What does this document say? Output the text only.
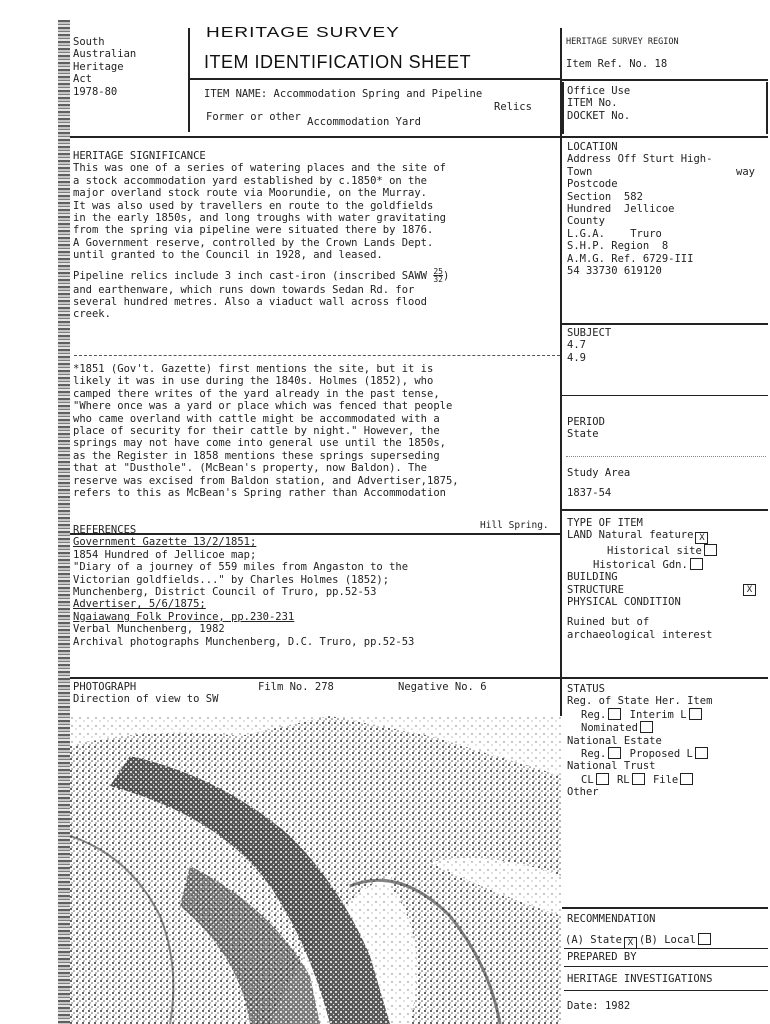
South
Australian
Heritage
Act
1978-80
HERITAGE SURVEY
ITEM IDENTIFICATION SHEET
ITEM NAME: Accommodation Spring and Pipeline
Relics
Former or other Accommodation Yard
HERITAGE SURVEY REGION
Item Ref. No. 18
Office Use
ITEM No.
DOCKET No.
HERITAGE SIGNIFICANCE
This was one of a series of watering places and the site of
a stock accommodation yard established by c.1850* on the
major overland stock route via Moorundie, on the Murray.
It was also used by travellers en route to the goldfields
in the early 1850s, and long troughs with water gravitating
from the spring via pipeline were situated there by 1876.
A Government reserve, controlled by the Crown Lands Dept.
until granted to the Council in 1928, and leased.
Pipeline relics include 3 inch cast-iron (inscribed SAWW $\frac{25}{32}$)
and earthenware, which runs down towards Sedan Rd. for
several hundred metres. Also a viaduct wall across flood
creek.
*1851 (Gov't. Gazette) first mentions the site, but it is
likely it was in use during the 1840s. Holmes (1852), who
camped there writes of the yard already in the past tense,
"Where once was a yard or place which was fenced that people
who came overland with cattle might be accommodated with a
place of security for their cattle by night." However, the
springs may not have come into general use until the 1850s,
as the Register in 1858 mentions these springs superseding
that at "Dusthole". (McBean's property, now Baldon). The
reserve was excised from Baldon station, and Advertiser,1875,
refers to this as McBean's Spring rather than Accommodation
Hill Spring.
REFERENCES
Government Gazette 13/2/1851;
1854 Hundred of Jellicoe map;
"Diary of a journey of 559 miles from Angaston to the
Victorian goldfields..." by Charles Holmes (1852);
Munchenberg, District Council of Truro, pp.52-53
Advertiser, 5/6/1875;
Ngaiawang Folk Province, pp.230-231
Verbal Munchenberg, 1982
Archival photographs Munchenberg, D.C. Truro, pp.52-53
PHOTOGRAPH
Direction of view to SW
Film No. 278	Negative No. 6
LOCATION
Address Off Sturt High-
Town	way
Postcode
Section 582
Hundred Jellicoe
County
L.G.A. Truro
S.H.P. Region 8
A.M.G. Ref. 6729-III
54 33730 619120
SUBJECT
4.7
4.9
PERIOD
State
Study Area
1837-54
TYPE OF ITEM
LAND Natural feature X
Historical site
Historical Gdn.
BUILDING
STRUCTURE	X
PHYSICAL CONDITION
Ruined but of
archaeological interest
STATUS
Reg. of State Her. Item
Reg. Interim L
Nominated
National Estate
Reg. Proposed L
National Trust
CL RL File
Other
RECOMMENDATION
(A) State X (B) Local
PREPARED BY
HERITAGE INVESTIGATIONS
Date: 1982
